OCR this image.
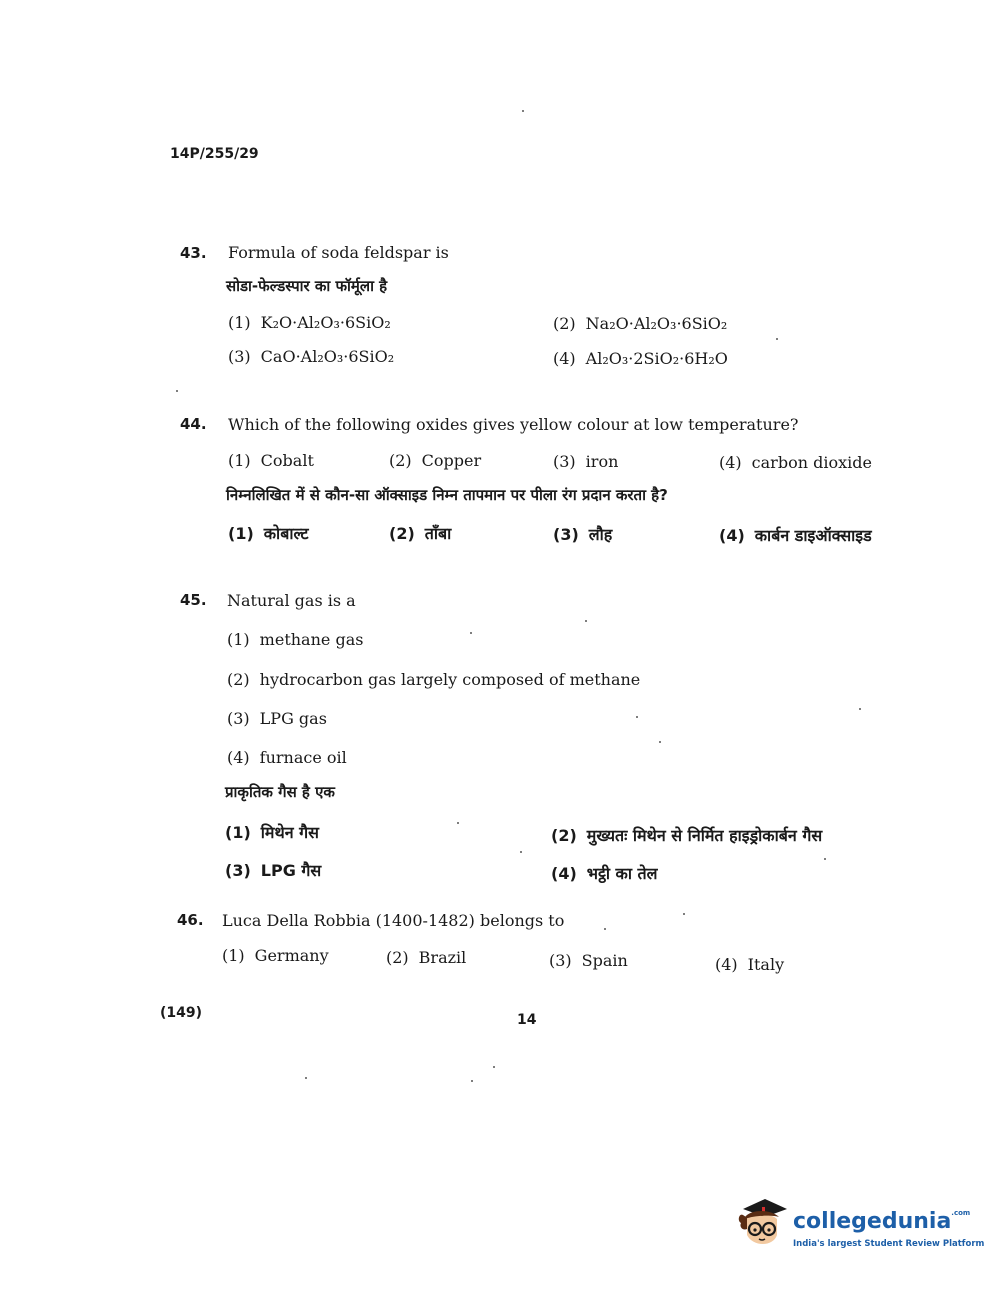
14P/255/29
43. Formula of soda feldspar is
सोडा-फेल्डस्पार का फॉर्मूला है
(1) K₂O·Al₂O₃·6SiO₂	(2) Na₂O·Al₂O₃·6SiO₂
(3) CaO·Al₂O₃·6SiO₂	(4) Al₂O₃·2SiO₂·6H₂O
44. Which of the following oxides gives yellow colour at low temperature?
(1) Cobalt	(2) Copper	(3) iron	(4) carbon dioxide
निम्नलिखित में से कौन-सा ऑक्साइड निम्न तापमान पर पीला रंग प्रदान करता है?
(1) कोबाल्ट	(2) ताँबा	(3) लौह	(4) कार्बन डाइऑक्साइड
45. Natural gas is a
(1) methane gas
(2) hydrocarbon gas largely composed of methane
(3) LPG gas
(4) furnace oil
प्राकृतिक गैस है एक
(1) मिथेन गैस	(2) मुख्यतः मिथेन से निर्मित हाइड्रोकार्बन गैस
(3) LPG गैस	(4) भट्ठी का तेल
46. Luca Della Robbia (1400-1482) belongs to
(1) Germany	(2) Brazil	(3) Spain	(4) Italy
(149)	14
collegedunia$^{.com}$
India's largest Student Review Platform
